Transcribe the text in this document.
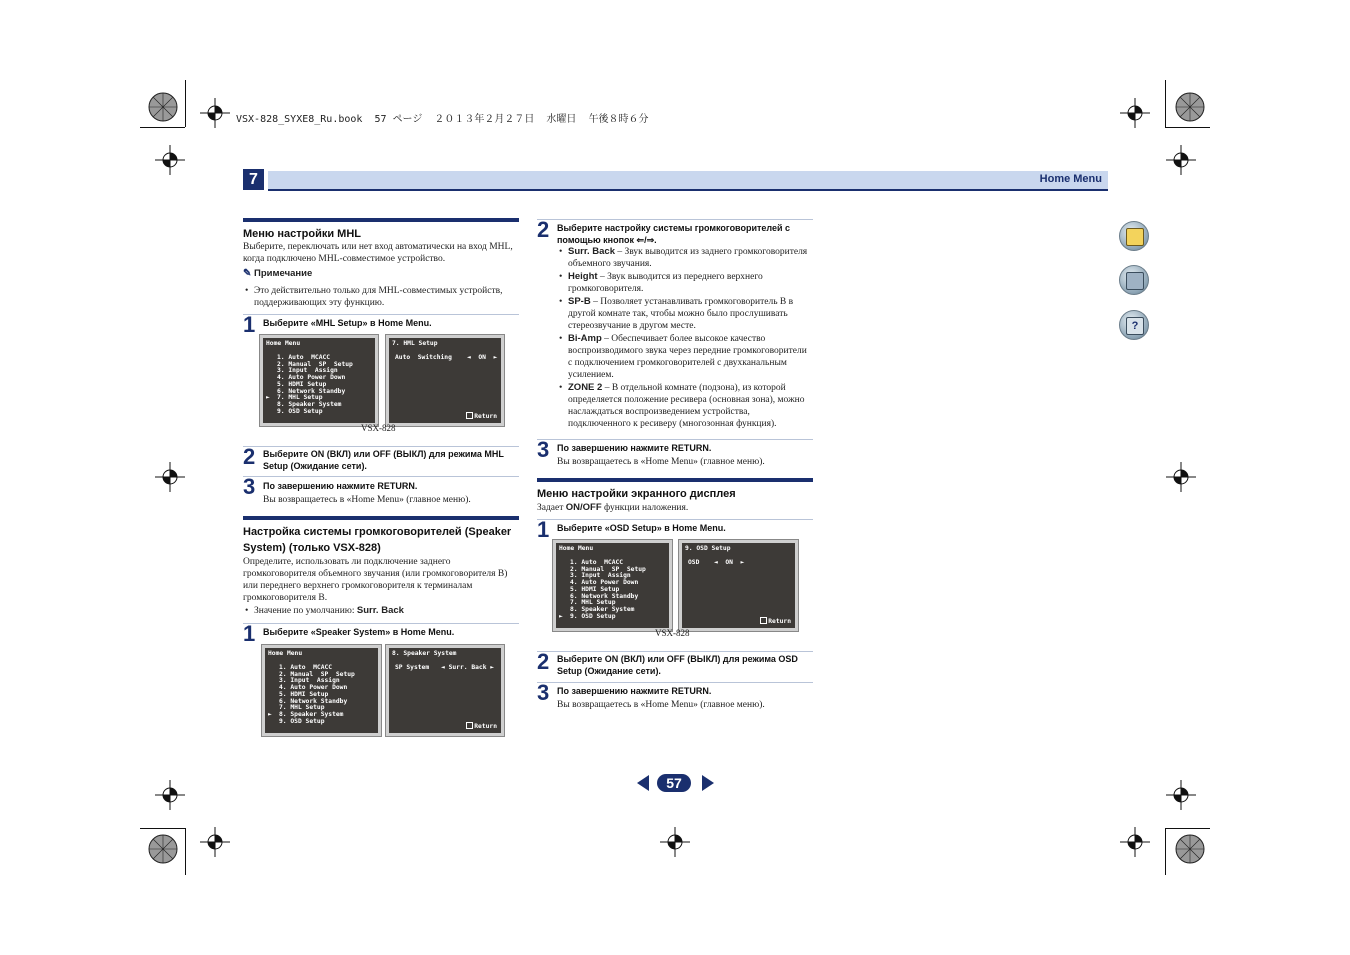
VSX-828_SYXE8_Ru.book  57 ページ  ２０１３年２月２７日  水曜日  午後８時６分
7	Home Menu
Меню настройки MHL
Выберите, переключать или нет вход автоматически на вход MHL, когда подключено MHL-совместимое устройство.
✎ Примечание
• Это действительно только для MHL-совместимых устройств, поддерживающих эту функцию.
1 Выберите «MHL Setup» в Home Menu.
Home Menu
1. Auto  MCACC
2. Manual  SP  Setup
3. Input  Assign
4. Auto Power Down
5. HDMI Setup
6. Network Standby
7. MHL Setup
►
8. Speaker System
9. OSD Setup
7. HML Setup
Auto  Switching ◄  ON  ►
Return
VSX-828
2 Выберите ON (ВКЛ) или OFF (ВЫКЛ) для режима MHL Setup (Ожидание сети).
3 По завершению нажмите RETURN.
Вы возвращаетесь в «Home Menu» (главное меню).
Настройка системы громкоговорителей (Speaker System) (только VSX-828)
Определите, использовать ли подключение заднего громкоговорителя объемного звучания (или громкоговорителя B) или переднего верхнего громкоговорителя к терминалам громкоговорителя B.
• Значение по умолчанию: Surr. Back
1 Выберите «Speaker System» в Home Menu.
Home Menu
1. Auto  MCACC
2. Manual  SP  Setup
3. Input  Assign
4. Auto Power Down
5. HDMI Setup
6. Network Standby
7. MHL Setup
8. Speaker System
►
9. OSD Setup
8. Speaker System
SP System ◄ Surr. Back ►
Return
2 Выберите настройку системы громкоговорителей с помощью кнопок ⇐/⇒.
• Surr. Back – Звук выводится из заднего громкоговорителя объемного звучания.
• Height – Звук выводится из переднего верхнего громкоговорителя.
• SP-B – Позволяет устанавливать громкоговоритель B в другой комнате так, чтобы можно было прослушивать стереозвучание в другом месте.
• Bi-Amp – Обеспечивает более высокое качество воспроизводимого звука через передние громкоговорители с подключением громкоговорителей с двухканальным усилением.
• ZONE 2 – В отдельной комнате (подзона), из которой определяется положение ресивера (основная зона), можно наслаждаться воспроизведением устройства, подключенного к ресиверу (многозонная функция).
3 По завершению нажмите RETURN.
Вы возвращаетесь в «Home Menu» (главное меню).
Меню настройки экранного дисплея
Задает ON/OFF функции наложения.
1 Выберите «OSD Setup» в Home Menu.
Home Menu
1. Auto  MCACC
2. Manual  SP  Setup
3. Input  Assign
4. Auto Power Down
5. HDMI Setup
6. Network Standby
7. MHL Setup
8. Speaker System
9. OSD Setup
►
9. OSD Setup
OSD ◄  ON  ►
Return
VSX-828
2 Выберите ON (ВКЛ) или OFF (ВЫКЛ) для режима OSD Setup (Ожидание сети).
3 По завершению нажмите RETURN.
Вы возвращаетесь в «Home Menu» (главное меню).
?
57
